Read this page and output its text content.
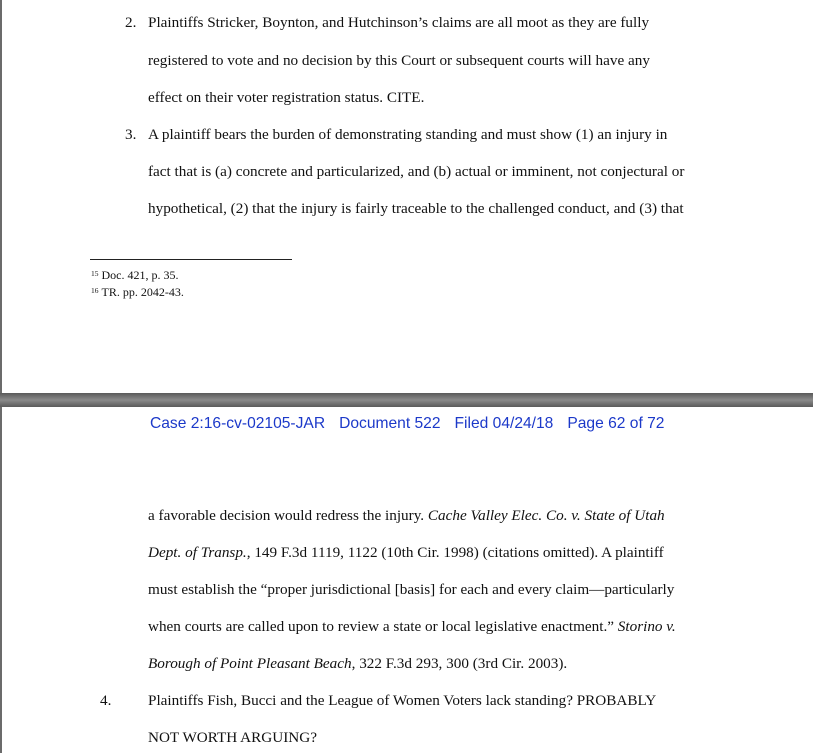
2. Plaintiffs Stricker, Boynton, and Hutchinson’s claims are all moot as they are fully
registered to vote and no decision by this Court or subsequent courts will have any
effect on their voter registration status. CITE.
3. A plaintiff bears the burden of demonstrating standing and must show (1) an injury in
fact that is (a) concrete and particularized, and (b) actual or imminent, not conjectural or
hypothetical, (2) that the injury is fairly traceable to the challenged conduct, and (3) that
$^{15}$ Doc. 421, p. 35.
$^{16}$ TR. pp. 2042-43.
Case 2:16-cv-02105-JAR Document 522 Filed 04/24/18 Page 62 of 72
a favorable decision would redress the injury. Cache Valley Elec. Co. v. State of Utah
Dept. of Transp., 149 F.3d 1119, 1122 (10th Cir. 1998) (citations omitted). A plaintiff
must establish the “proper jurisdictional [basis] for each and every claim—particularly
when courts are called upon to review a state or local legislative enactment.” Storino v.
Borough of Point Pleasant Beach, 322 F.3d 293, 300 (3rd Cir. 2003).
4. Plaintiffs Fish, Bucci and the League of Women Voters lack standing? PROBABLY
NOT WORTH ARGUING?
